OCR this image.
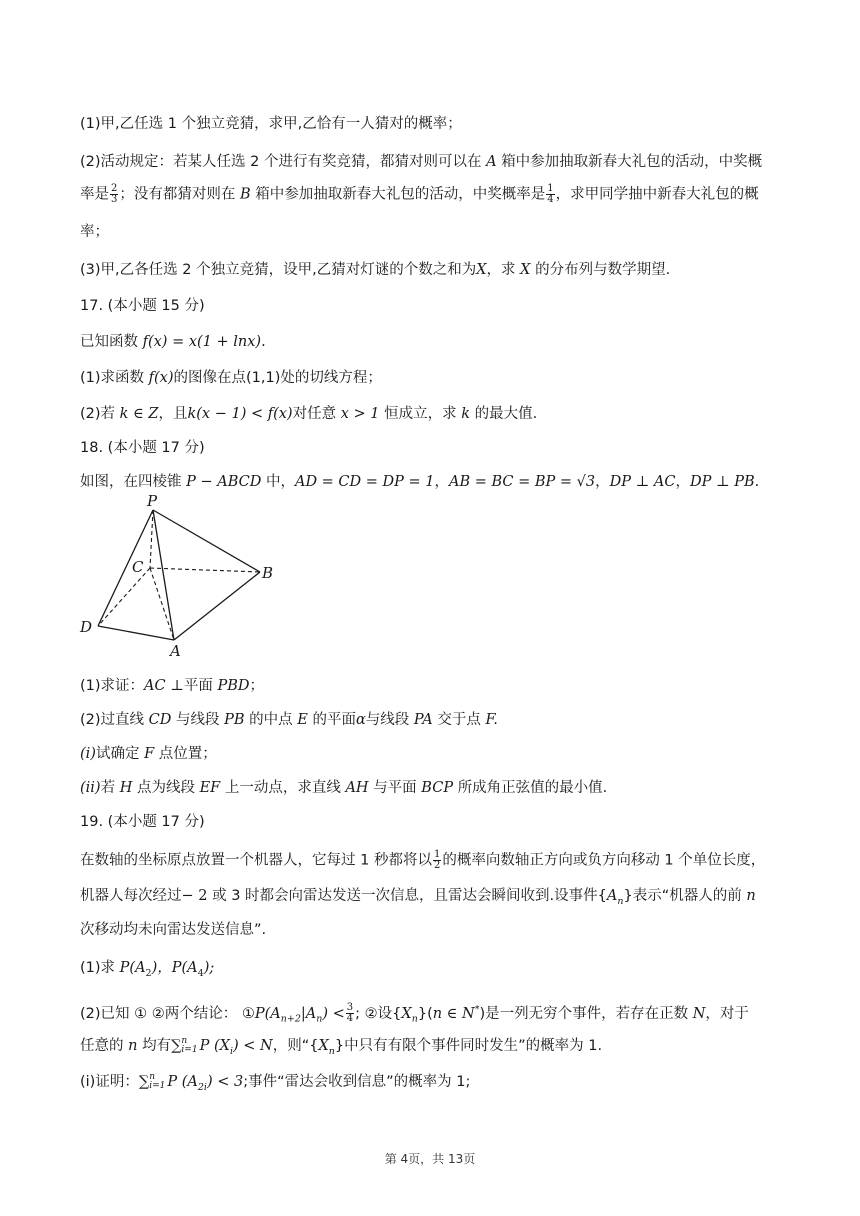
(1)甲,乙任选 1 个独立竞猜，求甲,乙恰有一人猜对的概率；
(2)活动规定：若某人任选 2 个进行有奖竞猜，都猜对则可以在 A 箱中参加抽取新春大礼包的活动，中奖概
率是 $\frac{2}{3}$ ；没有都猜对则在 B 箱中参加抽取新春大礼包的活动，中奖概率是 $\frac{1}{4}$ ，求甲同学抽中新春大礼包的概
率；
(3)甲,乙各任选 2 个独立竞猜，设甲,乙猜对灯谜的个数之和为X，求 X 的分布列与数学期望.
17. (本小题 15 分)
已知函数 f(x) = x(1 + lnx).
(1)求函数 f(x)的图像在点(1,1)处的切线方程；
(2)若 k ∈ Z，且k(x − 1) < f(x)对任意 x > 1 恒成立，求 k 的最大值.
18. (本小题 17 分)
如图，在四棱锥 P − ABCD 中，AD = CD = DP = 1，AB = BC = BP = √3，DP ⊥ AC，DP ⊥ PB.
P
C	B
D
A
(1)求证：AC ⊥平面 PBD；
(2)过直线 CD 与线段 PB 的中点 E 的平面α与线段 PA 交于点 F.
(i)试确定 F 点位置；
(ii)若 H 点为线段 EF 上一动点，求直线 AH 与平面 BCP 所成角正弦值的最小值.
19. (本小题 17 分)
在数轴的坐标原点放置一个机器人，它每过 1 秒都将以 $\frac{1}{2}$ 的概率向数轴正方向或负方向移动 1 个单位长度，
机器人每次经过− 2 或 3 时都会向雷达发送一次信息，且雷达会瞬间收到.设事件$\{A_n\}$表示“机器人的前 n
次移动均未向雷达发送信息”.
(1)求 $P(A_2)$，$P(A_4)$;
(2)已知 ① ②两个结论： $①P(A_{n+2}|A_n) < \frac{3}{4}$ ; ②设$\{X_n\}(n$ ∈ N*)是一列无穷个事件，若存在正数 N，对于
任意的 n 均有∑ n
i=1 P $(X_i) < N$，则“$\{X_n\}$中只有有限个事件同时发生”的概率为 1.
(ⅰ)证明：∑ n
i=1 P $(A_{2i}) < 3$;事件“雷达会收到信息”的概率为 1;
第 4页，共 13页
